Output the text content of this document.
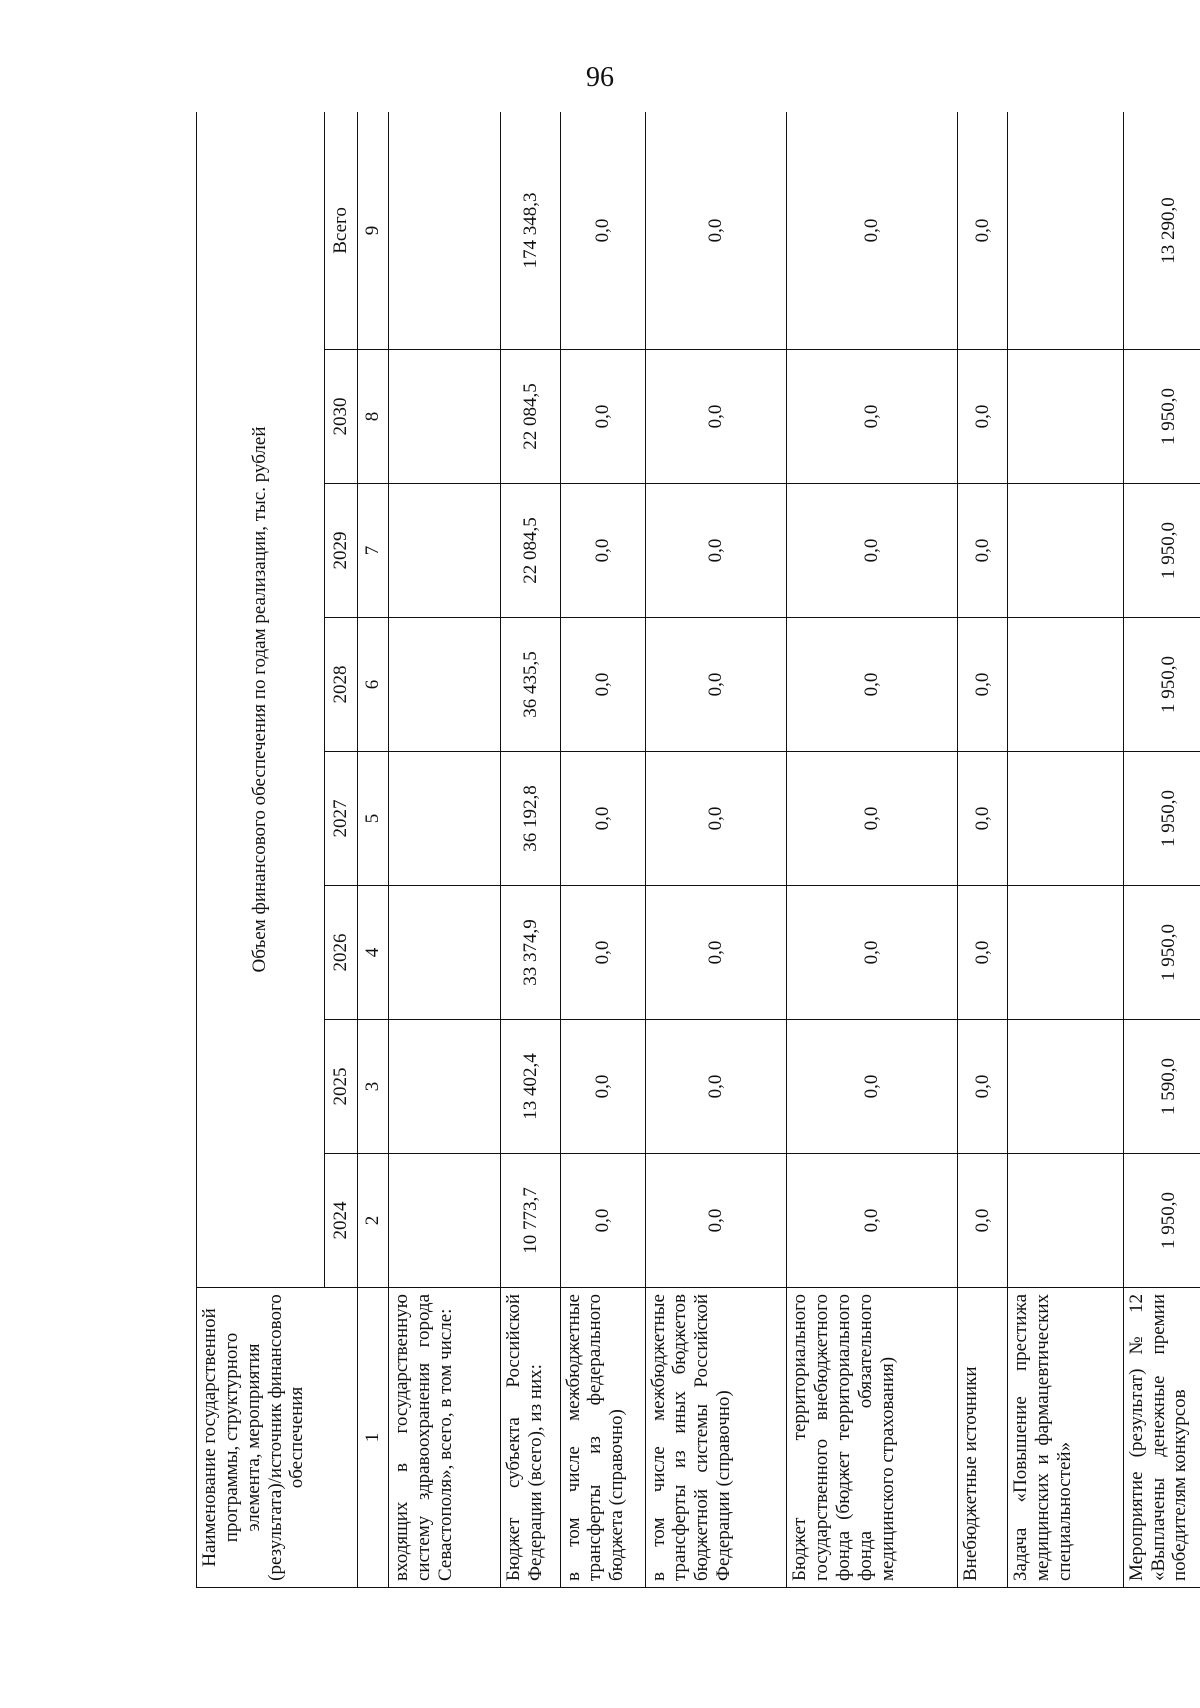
96
Наименование государственной программы, структурного элемента, мероприятия (результата)/источник финансового обеспечения	Объем финансового обеспечения по годам реализации, тыс. рублей							
	2024	2025	2026	2027	2028	2029	2030	Всего
1	2	3	4	5	6	7	8	9
входящих в государственную систему здравоохранения города Севастополя», всего, в том числе:								
Бюджет субъекта Российской Федерации (всего), из них:	10 773,7	13 402,4	33 374,9	36 192,8	36 435,5	22 084,5	22 084,5	174 348,3
в том числе межбюджетные трансферты из федерального бюджета (справочно)	0,0	0,0	0,0	0,0	0,0	0,0	0,0	0,0
в том числе межбюджетные трансферты из иных бюджетов бюджетной системы Российской Федерации (справочно)	0,0	0,0	0,0	0,0	0,0	0,0	0,0	0,0
Бюджет территориального государственного внебюджетного фонда (бюджет территориального фонда обязательного медицинского страхования)	0,0	0,0	0,0	0,0	0,0	0,0	0,0	0,0
Внебюджетные источники	0,0	0,0	0,0	0,0	0,0	0,0	0,0	0,0
Задача «Повышение престижа медицинских и фармацевтических специальностей»								
Мероприятие (результат) № 12 «Выплачены денежные премии победителям конкурсов	1 950,0	1 590,0	1 950,0	1 950,0	1 950,0	1 950,0	1 950,0	13 290,0
